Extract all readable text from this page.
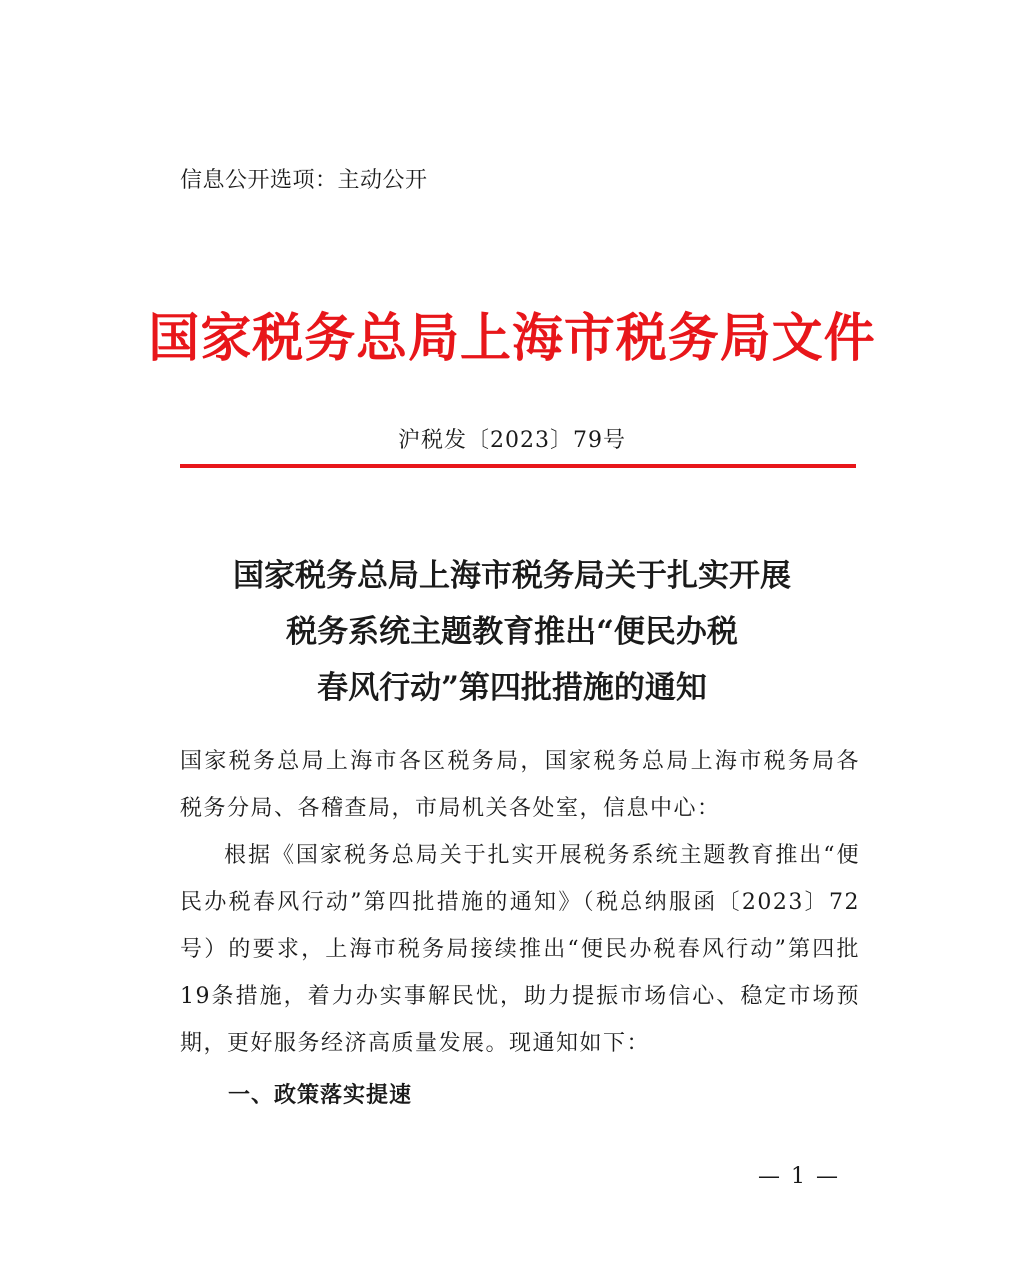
信息公开选项：主动公开
国家税务总局上海市税务局文件
沪税发〔2023〕79号
国家税务总局上海市税务局关于扎实开展
税务系统主题教育推出“便民办税
春风行动”第四批措施的通知

国家税务总局上海市各区税务局，国家税务总局上海市税务局各税务分局、各稽查局，市局机关各处室，信息中心：

根据《国家税务总局关于扎实开展税务系统主题教育推出“便民办税春风行动”第四批措施的通知》（税总纳服函〔2023〕72号）的要求，上海市税务局接续推出“便民办税春风行动”第四批19条措施，着力办实事解民忧，助力提振市场信心、稳定市场预期，更好服务经济高质量发展。现通知如下：

一、政策落实提速
— 1 —
